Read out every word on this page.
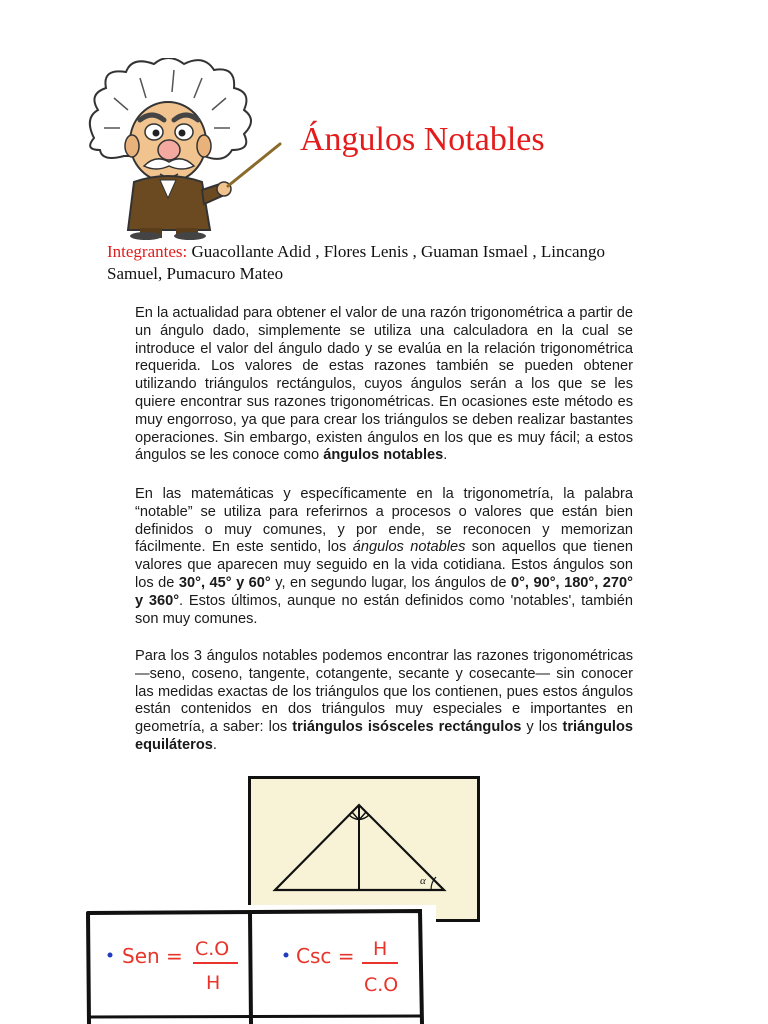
Ángulos Notables
Integrantes: Guacollante Adid , Flores Lenis , Guaman Ismael , Lincango Samuel, Pumacuro Mateo

En la actualidad para obtener el valor de una razón trigonométrica a partir de un ángulo dado, simplemente se utiliza una calculadora en la cual se introduce el valor del ángulo dado y se evalúa en la relación trigonométrica requerida. Los valores de estas razones también se pueden obtener utilizando triángulos rectángulos, cuyos ángulos serán a los que se les quiere encontrar sus razones trigonométricas. En ocasiones este método es muy engorroso, ya que para crear los triángulos se deben realizar bastantes operaciones. Sin embargo, existen ángulos en los que es muy fácil; a estos ángulos se les conoce como ángulos notables.

En las matemáticas y específicamente en la trigonometría, la palabra “notable” se utiliza para referirnos a procesos o valores que están bien definidos o muy comunes, y por ende, se reconocen y memorizan fácilmente. En este sentido, los ángulos notables son aquellos que tienen valores que aparecen muy seguido en la vida cotidiana. Estos ángulos son los de 30°, 45° y 60° y, en segundo lugar, los ángulos de 0°, 90°, 180°, 270° y 360°. Estos últimos, aunque no están definidos como 'notables', también son muy comunes.

Para los 3 ángulos notables podemos encontrar las razones trigonométricas —seno, coseno, tangente, cotangente, secante y cosecante— sin conocer las medidas exactas de los triángulos que los contienen, pues estos ángulos están contenidos en dos triángulos muy especiales e importantes en geometría, a saber: los triángulos isósceles rectángulos y los triángulos equiláteros.

α
Sen = C.O
H
Csc = H
C.O
